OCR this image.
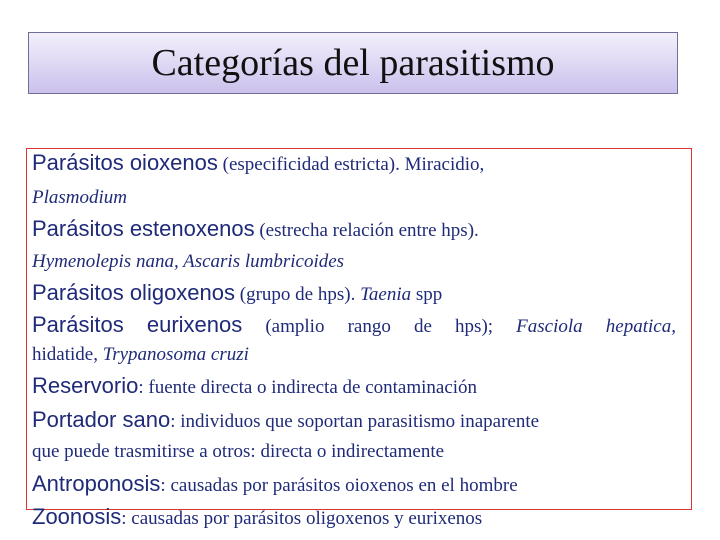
Categorías del parasitismo
Parásitos oioxenos (especificidad estricta). Miracidio,
Plasmodium
Parásitos estenoxenos (estrecha relación entre hps).
Hymenolepis nana, Ascaris lumbricoides
Parásitos oligoxenos (grupo de hps). Taenia spp
Parásitos eurixenos (amplio rango de hps); Fasciola hepatica,
hidatide, Trypanosoma cruzi
Reservorio: fuente directa o indirecta de contaminación
Portador sano: individuos que soportan parasitismo inaparente
que puede trasmitirse a otros: directa o indirectamente
Antroponosis: causadas por parásitos oioxenos en el hombre
Zoonosis: causadas por parásitos oligoxenos y eurixenos
